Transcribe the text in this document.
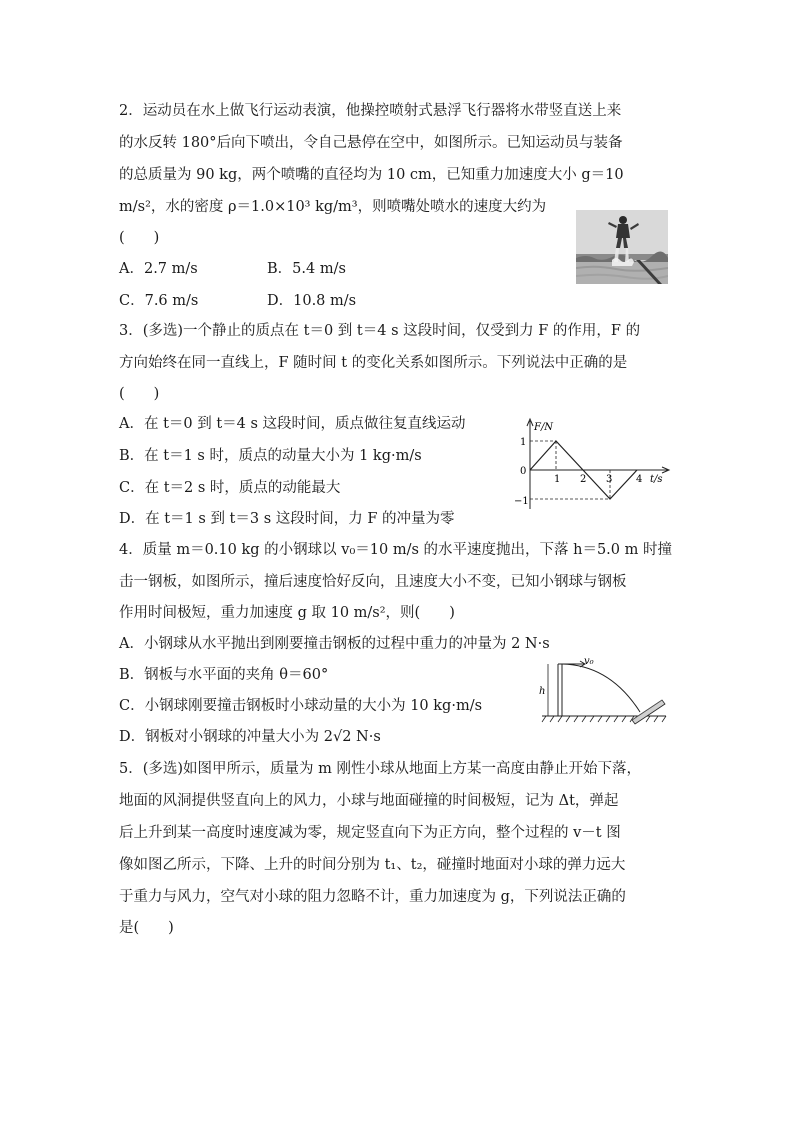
2．运动员在水上做飞行运动表演，他操控喷射式悬浮飞行器将水带竖直送上来
的水反转 180°后向下喷出，令自己悬停在空中，如图所示。已知运动员与装备
的总质量为 90 kg，两个喷嘴的直径均为 10 cm，已知重力加速度大小 g＝10
m/s²，水的密度 ρ＝1.0×10³ kg/m³，则喷嘴处喷水的速度大约为
(　　)
A．2.7 m/s	B．5.4 m/s
C．7.6 m/s	D．10.8 m/s
3．(多选)一个静止的质点在 t＝0 到 t＝4 s 这段时间，仅受到力 F 的作用，F 的
方向始终在同一直线上，F 随时间 t 的变化关系如图所示。下列说法中正确的是
(　　)
A．在 t＝0 到 t＝4 s 这段时间，质点做往复直线运动
B．在 t＝1 s 时，质点的动量大小为 1 kg·m/s
C．在 t＝2 s 时，质点的动能最大
D．在 t＝1 s 到 t＝3 s 这段时间，力 F 的冲量为零
F/N
t/s
1
0
−1
1 2 3 4
4．质量 m＝0.10 kg 的小钢球以 v₀＝10 m/s 的水平速度抛出，下落 h＝5.0 m 时撞
击一钢板，如图所示，撞后速度恰好反向，且速度大小不变，已知小钢球与钢板
作用时间极短，重力加速度 g 取 10 m/s²，则(　　)
A．小钢球从水平抛出到刚要撞击钢板的过程中重力的冲量为 2 N·s
B．钢板与水平面的夹角 θ＝60°
C．小钢球刚要撞击钢板时小球动量的大小为 10 kg·m/s
D．钢板对小钢球的冲量大小为 2√2 N·s
v₀
h
5．(多选)如图甲所示，质量为 m 刚性小球从地面上方某一高度由静止开始下落，
地面的风洞提供竖直向上的风力，小球与地面碰撞的时间极短，记为 Δt，弹起
后上升到某一高度时速度减为零，规定竖直向下为正方向，整个过程的 v－t 图
像如图乙所示，下降、上升的时间分别为 t₁、t₂，碰撞时地面对小球的弹力远大
于重力与风力，空气对小球的阻力忽略不计，重力加速度为 g，下列说法正确的
是(　　)
